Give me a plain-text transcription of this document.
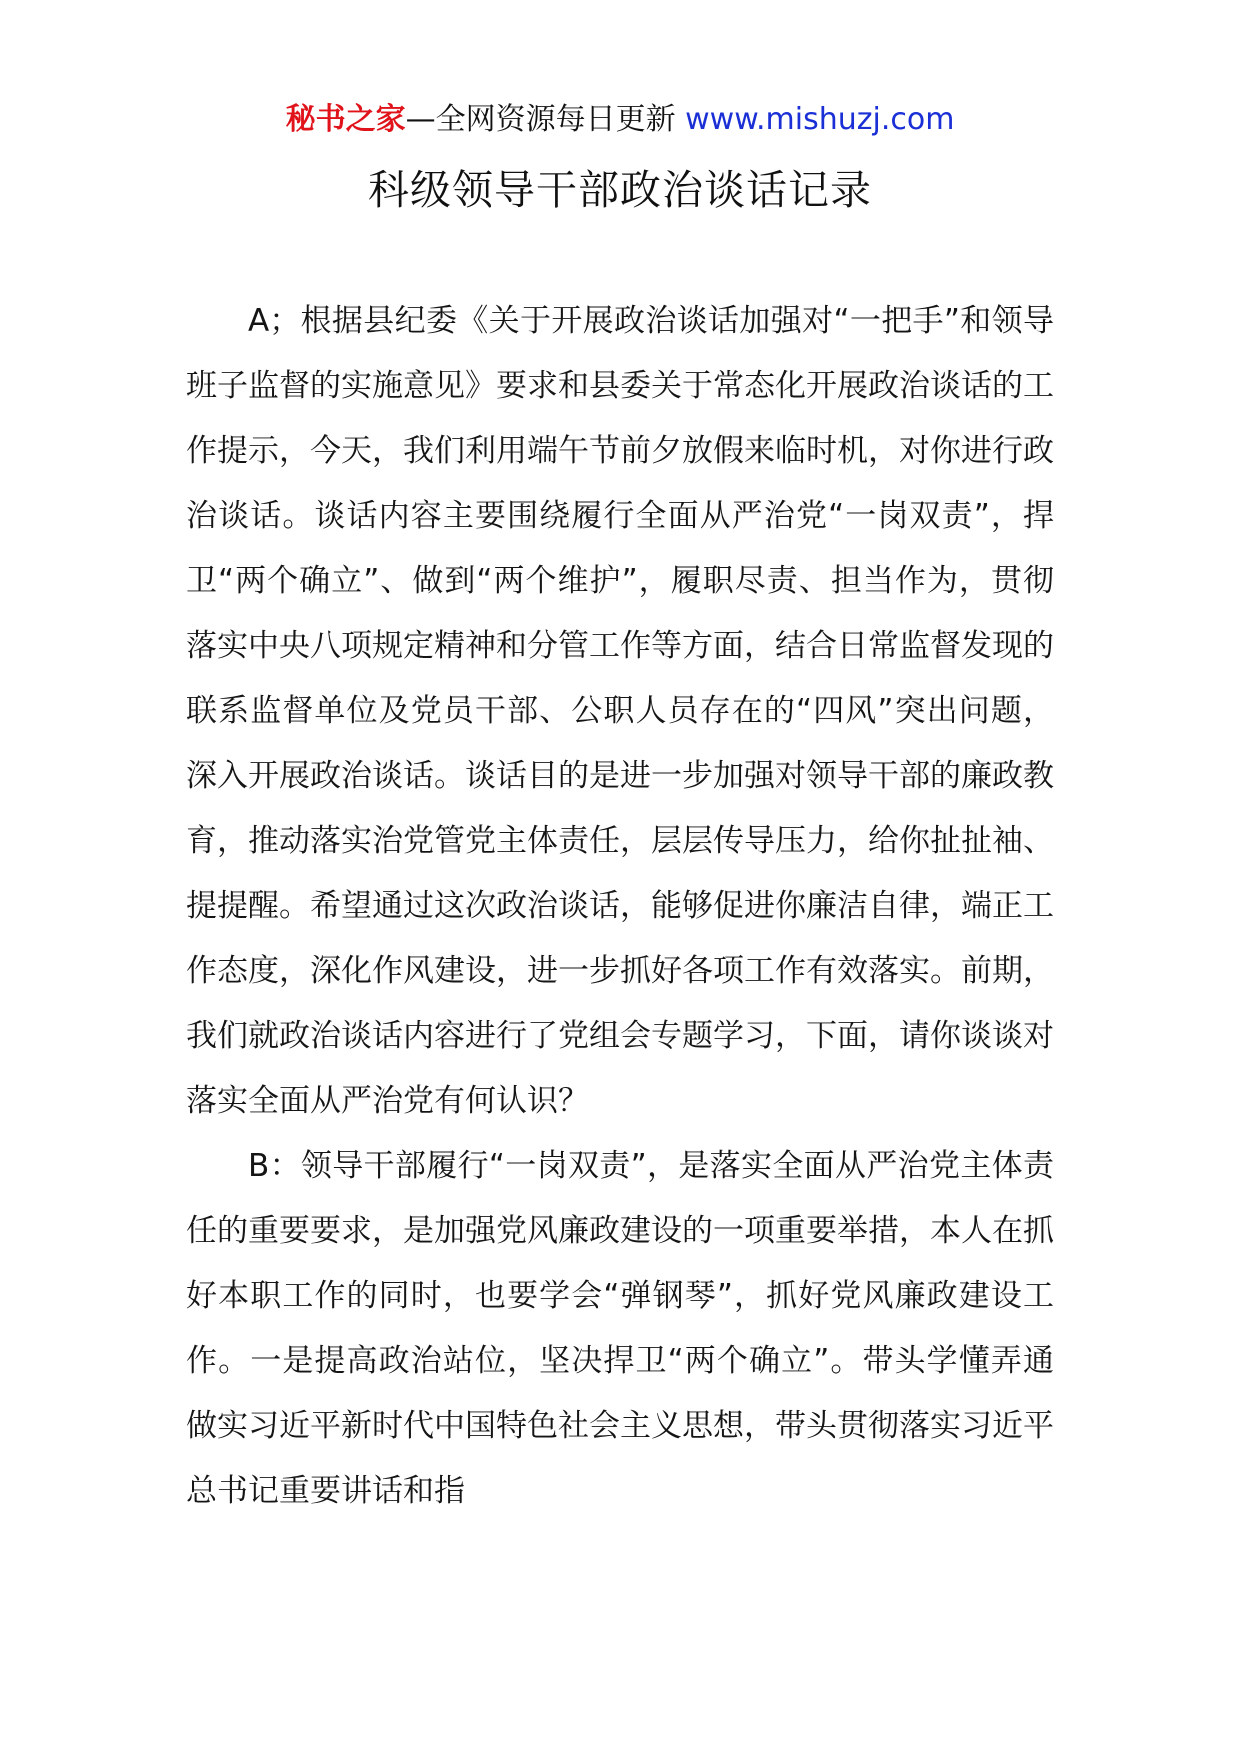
秘书之家—全网资源每日更新 www.mishuzj.com
科级领导干部政治谈话记录

A；根据县纪委《关于开展政治谈话加强对“一把手”和领导班子监督的实施意见》要求和县委关于常态化开展政治谈话的工作提示，今天，我们利用端午节前夕放假来临时机，对你进行政治谈话。谈话内容主要围绕履行全面从严治党“一岗双责”，捍卫“两个确立”、做到“两个维护”，履职尽责、担当作为，贯彻落实中央八项规定精神和分管工作等方面，结合日常监督发现的联系监督单位及党员干部、公职人员存在的“四风”突出问题，深入开展政治谈话。谈话目的是进一步加强对领导干部的廉政教育，推动落实治党管党主体责任，层层传导压力，给你扯扯袖、提提醒。希望通过这次政治谈话，能够促进你廉洁自律，端正工作态度，深化作风建设，进一步抓好各项工作有效落实。前期，我们就政治谈话内容进行了党组会专题学习，下面，请你谈谈对落实全面从严治党有何认识？

B：领导干部履行“一岗双责”，是落实全面从严治党主体责任的重要要求，是加强党风廉政建设的一项重要举措，本人在抓好本职工作的同时，也要学会“弹钢琴”，抓好党风廉政建设工作。一是提高政治站位，坚决捍卫“两个确立”。带头学懂弄通做实习近平新时代中国特色社会主义思想，带头贯彻落实习近平总书记重要讲话和指
